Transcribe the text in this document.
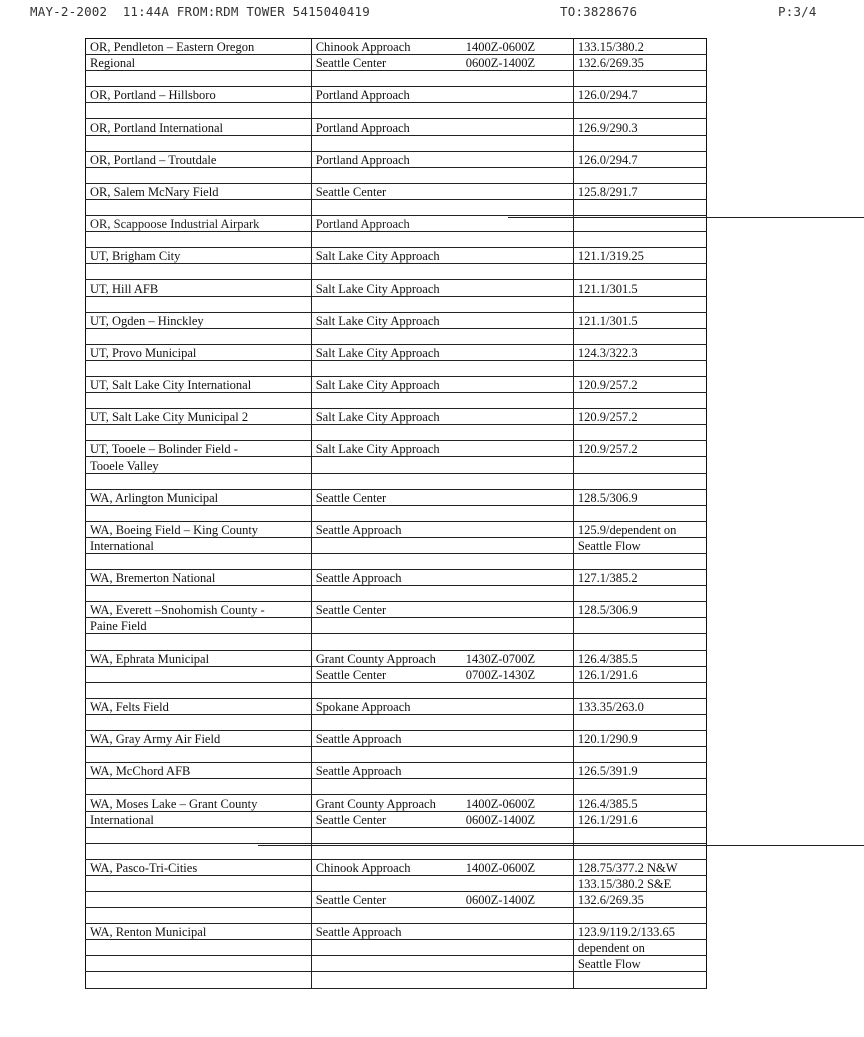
MAY-2-2002  11:44A FROM:RDM TOWER 5415040419	TO:3828676	P:3/4
OR, Pendleton – Eastern Oregon	Chinook Approach 1400Z-0600Z	133.15/380.2
Regional	Seattle Center 0600Z-1400Z	132.6/269.35

OR, Portland – Hillsboro	Portland Approach	126.0/294.7

OR, Portland International	Portland Approach	126.9/290.3

OR, Portland – Troutdale	Portland Approach	126.0/294.7

OR, Salem McNary Field	Seattle Center	125.8/291.7

OR, Scappoose Industrial Airpark	Portland Approach	

UT, Brigham City	Salt Lake City Approach	121.1/319.25

UT, Hill AFB	Salt Lake City Approach	121.1/301.5

UT, Ogden – Hinckley	Salt Lake City Approach	121.1/301.5

UT, Provo Municipal	Salt Lake City Approach	124.3/322.3

UT, Salt Lake City International	Salt Lake City Approach	120.9/257.2

UT, Salt Lake City Municipal 2	Salt Lake City Approach	120.9/257.2

UT, Tooele – Bolinder Field -	Salt Lake City Approach	120.9/257.2
Tooele Valley		

WA, Arlington Municipal	Seattle Center	128.5/306.9

WA, Boeing Field – King County	Seattle Approach	125.9/dependent on
International		Seattle Flow

WA, Bremerton National	Seattle Approach	127.1/385.2

WA, Everett –Snohomish County -	Seattle Center	128.5/306.9
Paine Field		

WA, Ephrata Municipal	Grant County Approach 1430Z-0700Z	126.4/385.5
	Seattle Center 0700Z-1430Z	126.1/291.6

WA, Felts Field	Spokane Approach	133.35/263.0

WA, Gray Army Air Field	Seattle Approach	120.1/290.9

WA, McChord AFB	Seattle Approach	126.5/391.9

WA, Moses Lake – Grant County	Grant County Approach 1400Z-0600Z	126.4/385.5
International	Seattle Center 0600Z-1400Z	126.1/291.6

WA, Pasco-Tri-Cities	Chinook Approach 1400Z-0600Z	128.75/377.2 N&W
		133.15/380.2 S&E
	Seattle Center 0600Z-1400Z	132.6/269.35

WA, Renton Municipal	Seattle Approach	123.9/119.2/133.65
		dependent on
		Seattle Flow
